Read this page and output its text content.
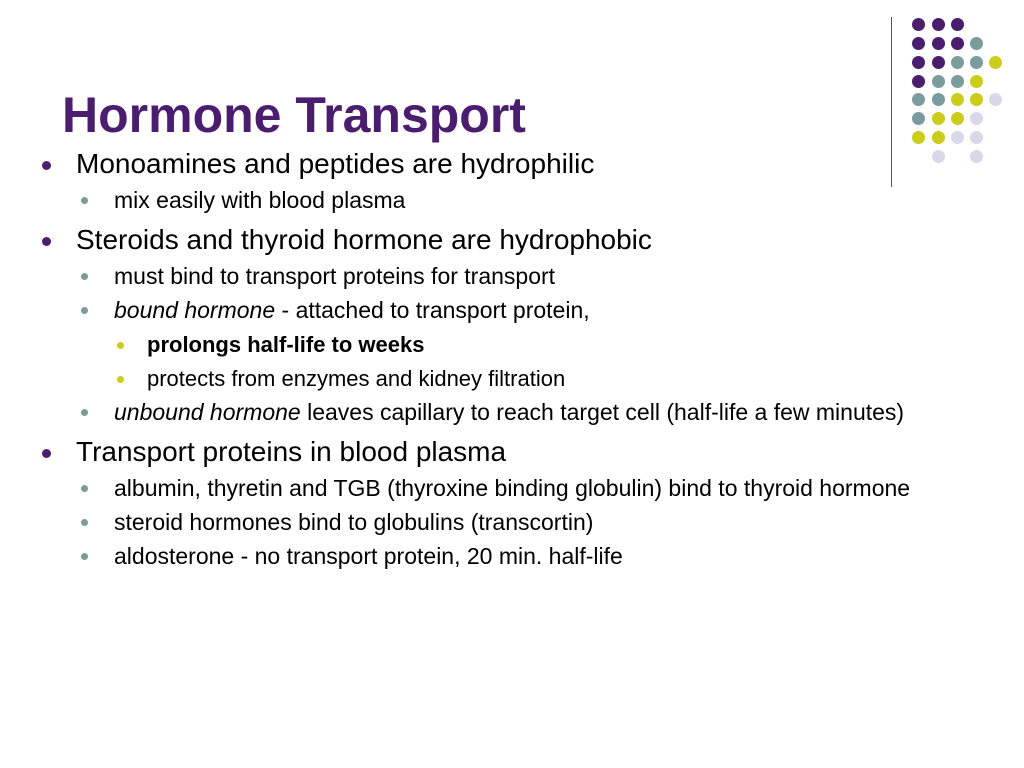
Hormone Transport
Monoamines and peptides are hydrophilic
mix easily with blood plasma
Steroids and thyroid hormone are hydrophobic
must bind to transport proteins for transport
bound hormone - attached to transport protein,
prolongs half-life to weeks
protects from enzymes and kidney filtration
unbound hormone leaves capillary to reach target cell (half-life a few minutes)
Transport proteins in blood plasma
albumin, thyretin and TGB (thyroxine binding globulin) bind to thyroid hormone
steroid hormones bind to globulins (transcortin)
aldosterone - no transport protein, 20 min. half-life
